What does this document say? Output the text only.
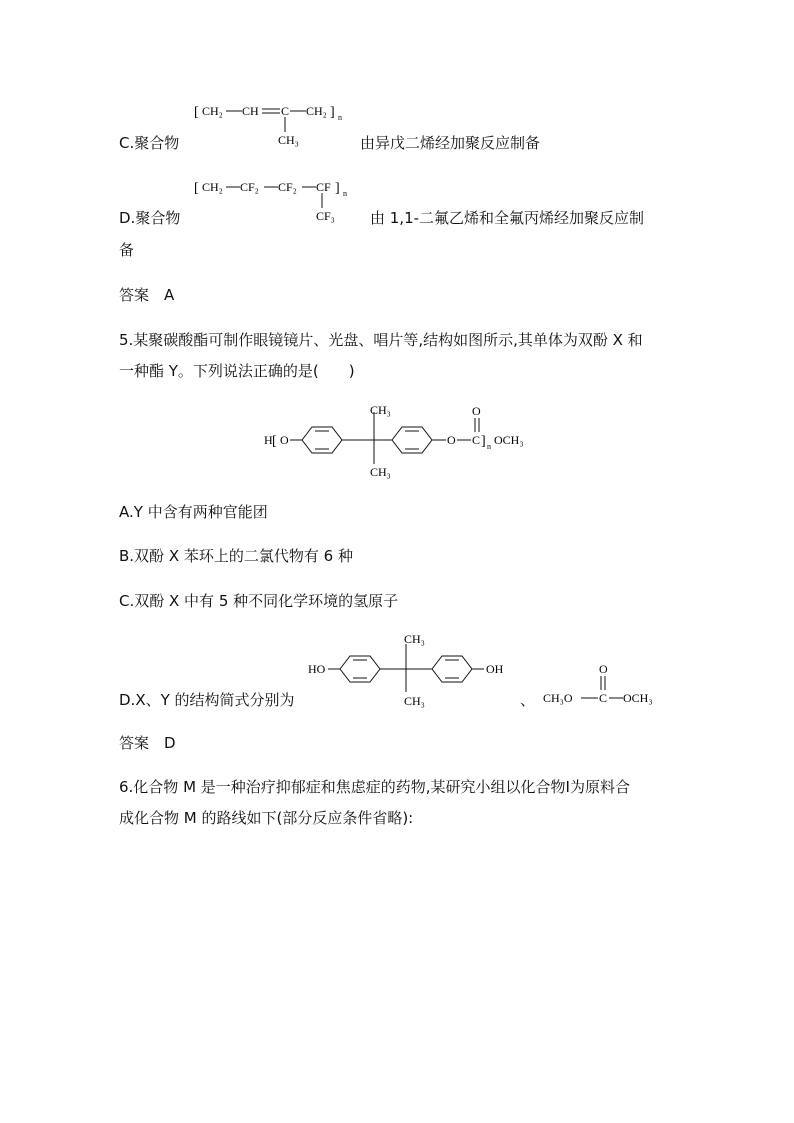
[ CH₂ CH C CH₂ ] n
CH₃
C.聚合物	由异戊二烯经加聚反应制备
[ CH₂ CF₂ CF₂ CF ] n
CF₃
D.聚合物	由 1,1-二氟乙烯和全氟丙烯经加聚反应制
备
答案　A
5.某聚碳酸酯可制作眼镜镜片、光盘、唱片等,结构如图所示,其单体为双酚 X 和
一种酯 Y。下列说法正确的是(　　)
H [ O
CH₃
CH₃
O C
O
] n OCH₃
A.Y 中含有两种官能团
B.双酚 X 苯环上的二氯代物有 6 种
C.双酚 X 中有 5 种不同化学环境的氢原子
HO
CH₃
CH₃
OH
D.X、Y 的结构简式分别为	、 CH₃O C
O
OCH₃
答案　D
6.化合物 M 是一种治疗抑郁症和焦虑症的药物,某研究小组以化合物Ⅰ为原料合
成化合物 M 的路线如下(部分反应条件省略):
